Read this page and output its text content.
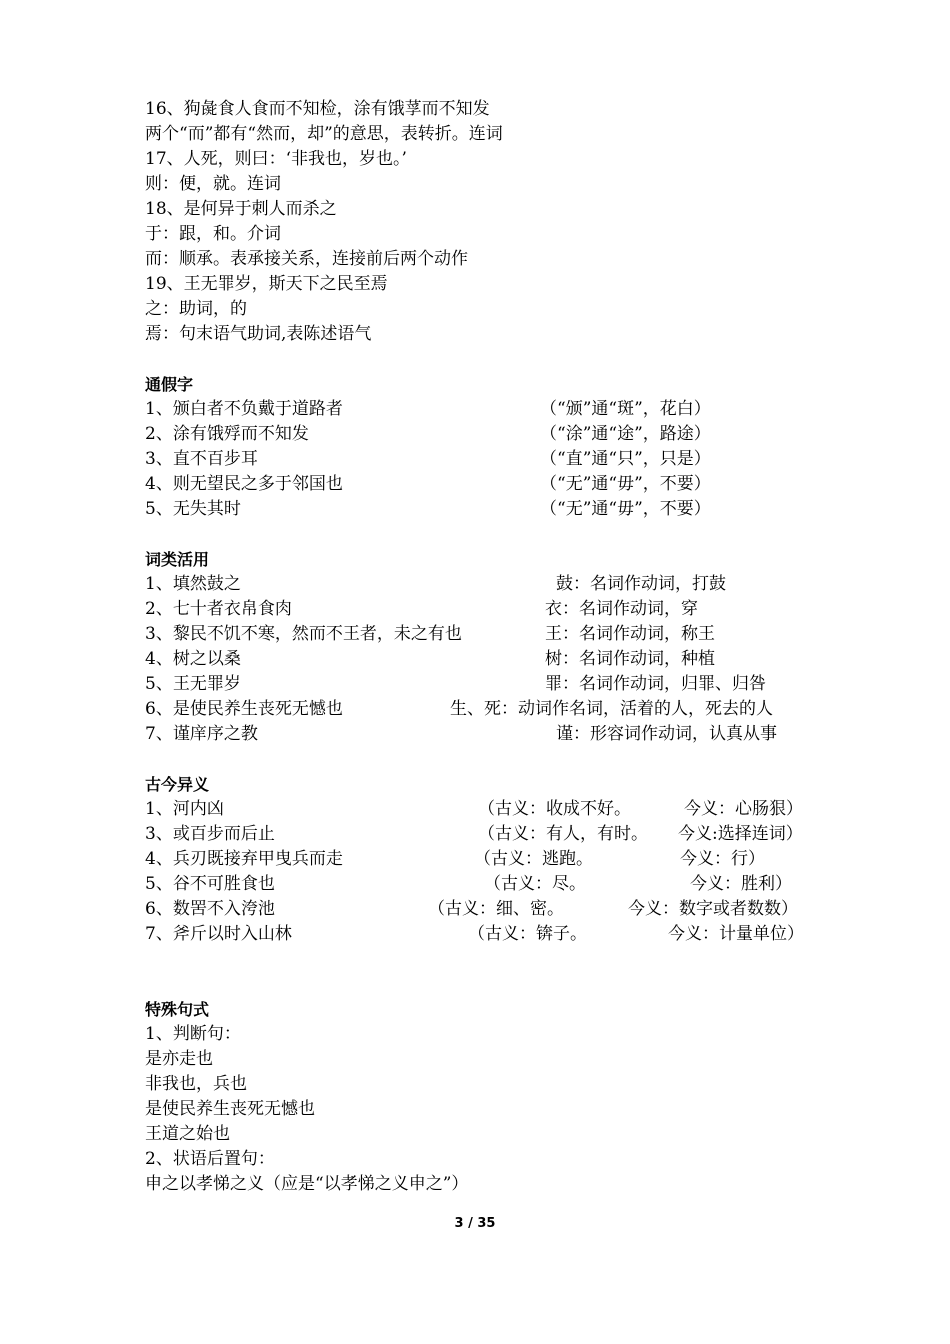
16、狗彘食人食而不知检，涂有饿莩而不知发
两个“而”都有“然而，却”的意思，表转折。连词
17、人死，则曰：‘非我也，岁也。’
则：便，就。连词
18、是何异于刺人而杀之
于：跟，和。介词
而：顺承。表承接关系，连接前后两个动作
19、王无罪岁，斯天下之民至焉
之：助词，的
焉：句末语气助词,表陈述语气
通假字
1、颁白者不负戴于道路者	（“颁”通“斑”，花白）
2、涂有饿殍而不知发	（“涂”通“途”，路途）
3、直不百步耳	（“直”通“只”，只是）
4、则无望民之多于邻国也	（“无”通“毋”，不要）
5、无失其时	（“无”通“毋”，不要）
词类活用
1、填然鼓之	鼓：名词作动词，打鼓
2、七十者衣帛食肉	衣：名词作动词，穿
3、黎民不饥不寒，然而不王者，未之有也	王：名词作动词，称王
4、树之以桑	树：名词作动词，种植
5、王无罪岁	罪：名词作动词，归罪、归咎
6、是使民养生丧死无憾也	生、死：动词作名词，活着的人，死去的人
7、谨庠序之教	谨：形容词作动词，认真从事
古今异义
1、河内凶	（古义：收成不好。	今义：心肠狠）
3、或百步而后止	（古义：有人，有时。 今义:选择连词）
4、兵刃既接弃甲曳兵而走	（古义：逃跑。	今义：行）
5、谷不可胜食也	（古义：尽。	今义：胜利）
6、数罟不入洿池	（古义：细、密。	今义：数字或者数数）
7、斧斤以时入山林	（古义：锛子。	今义：计量单位）
特殊句式
1、判断句：
是亦走也
非我也，兵也
是使民养生丧死无憾也
王道之始也
2、状语后置句：
申之以孝悌之义（应是“以孝悌之义申之”）
3 / 35
